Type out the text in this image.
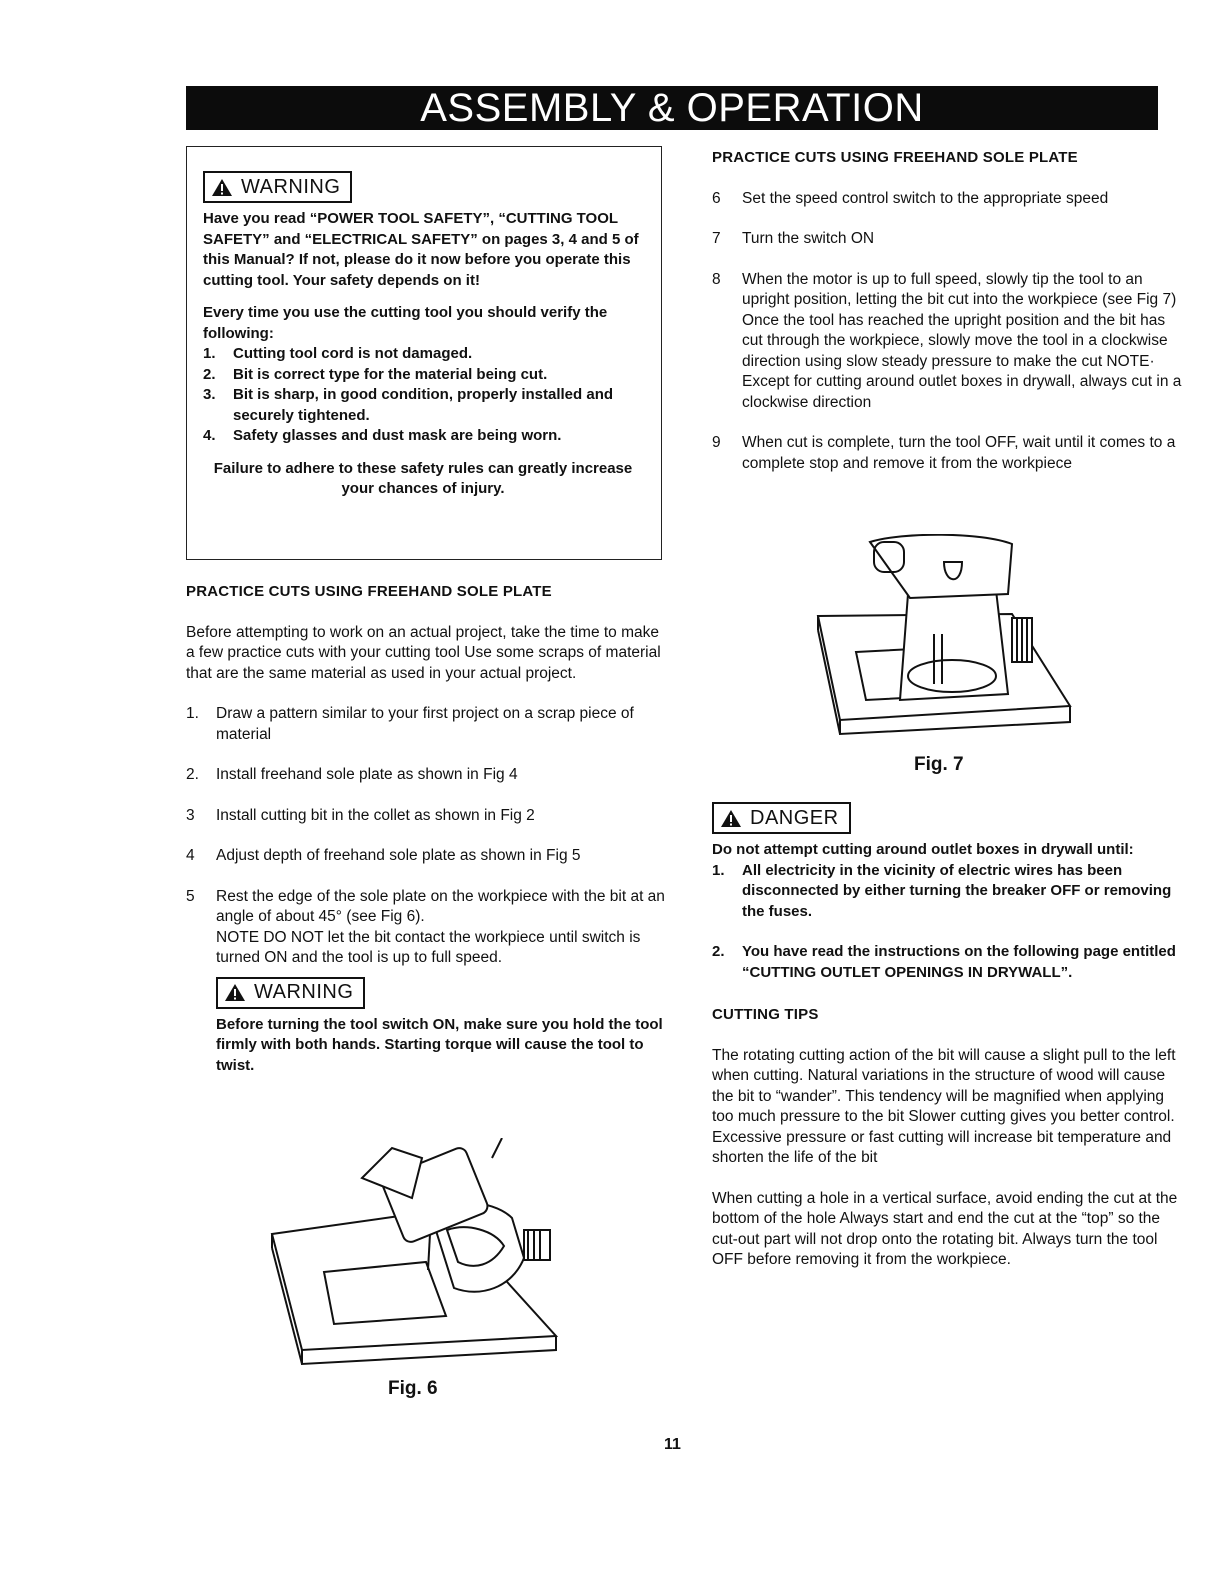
ASSEMBLY & OPERATION
WARNING

Have you read “POWER TOOL SAFETY”, “CUTTING TOOL SAFETY” and “ELECTRICAL SAFETY” on pages 3, 4 and 5 of this Manual? If not, please do it now before you operate this cutting tool. Your safety depends on it!

Every time you use the cutting tool you should verify the following:

1.	Cutting tool cord is not damaged.
2.	Bit is correct type for the material being cut.
3.	Bit is sharp, in good condition, properly installed and securely tightened.
4.	Safety glasses and dust mask are being worn.

Failure to adhere to these safety rules can greatly increase your chances of injury.

PRACTICE CUTS USING FREEHAND SOLE PLATE

Before attempting to work on an actual project, take the time to make a few practice cuts with your cutting tool Use some scraps of material that are the same material as used in your actual project.

1.	Draw a pattern similar to your first project on a scrap piece of material
2.	Install freehand sole plate as shown in Fig 4
3	Install cutting bit in the collet as shown in Fig 2
4	Adjust depth of freehand sole plate as shown in Fig 5
5	Rest the edge of the sole plate on the workpiece with the bit at an angle of about 45° (see Fig 6).

NOTE DO NOT let the bit contact the workpiece until switch is turned ON and the tool is up to full speed.

WARNING

Before turning the tool switch ON, make sure you hold the tool firmly with both hands. Starting torque will cause the tool to twist.

Fig. 6

PRACTICE CUTS USING FREEHAND SOLE PLATE

6	Set the speed control switch to the appropriate speed
7	Turn the switch ON
8	When the motor is up to full speed, slowly tip the tool to an upright position, letting the bit cut into the workpiece (see Fig 7) Once the tool has reached the upright position and the bit has cut through the workpiece, slowly move the tool in a clockwise direction using slow steady pressure to make the cut NOTE· Except for cutting around outlet boxes in drywall, always cut in a clockwise direction
9	When cut is complete, turn the tool OFF, wait until it comes to a complete stop and remove it from the workpiece
Fig. 7
DANGER

Do not attempt cutting around outlet boxes in drywall until:

1.	All electricity in the vicinity of electric wires has been disconnected by either turning the breaker OFF or removing the fuses.
2.	You have read the instructions on the following page entitled “CUTTING OUTLET OPENINGS IN DRYWALL”.

CUTTING TIPS

The rotating cutting action of the bit will cause a slight pull to the left when cutting. Natural variations in the structure of wood will cause the bit to “wander”. This tendency will be magnified when applying too much pressure to the bit Slower cutting gives you better control. Excessive pressure or fast cutting will increase bit temperature and shorten the life of the bit

When cutting a hole in a vertical surface, avoid ending the cut at the bottom of the hole Always start and end the cut at the “top” so the cut-out part will not drop onto the rotating bit. Always turn the tool OFF before removing it from the workpiece.

11
